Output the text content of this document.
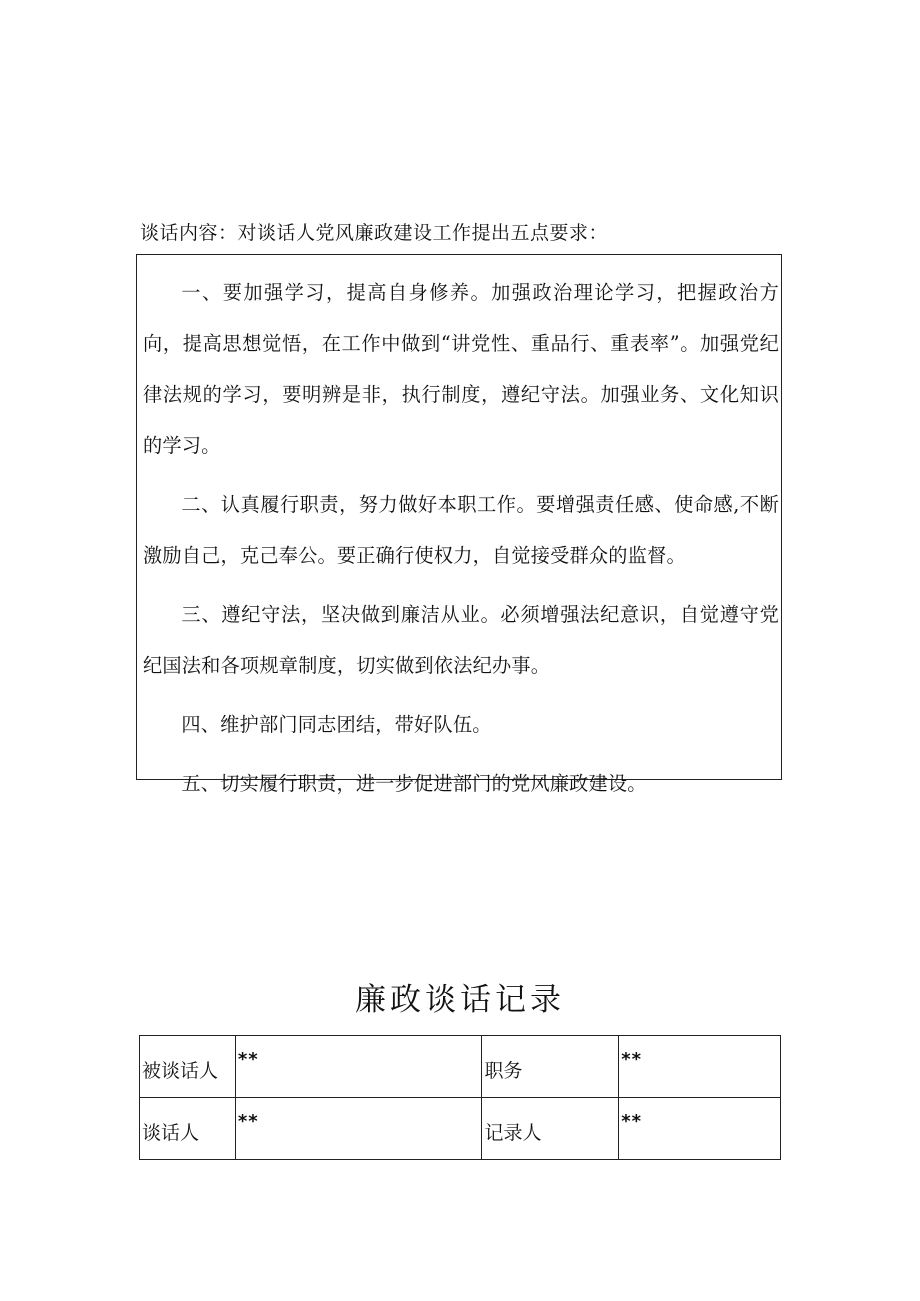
谈话内容：对谈话人党风廉政建设工作提出五点要求：

一、要加强学习，提高自身修养。加强政治理论学习，把握政治方向，提高思想觉悟，在工作中做到“讲党性、重品行、重表率”。加强党纪律法规的学习，要明辨是非，执行制度，遵纪守法。加强业务、文化知识的学习。

二、认真履行职责，努力做好本职工作。要增强责任感、使命感,不断激励自己，克己奉公。要正确行使权力，自觉接受群众的监督。

三、遵纪守法，坚决做到廉洁从业。必须增强法纪意识，自觉遵守党纪国法和各项规章制度，切实做到依法纪办事。

四、维护部门同志团结，带好队伍。

五、切实履行职责，进一步促进部门的党风廉政建设。

廉政谈话记录
被谈话人	**	职务	**

谈话人	**	记录人	**
